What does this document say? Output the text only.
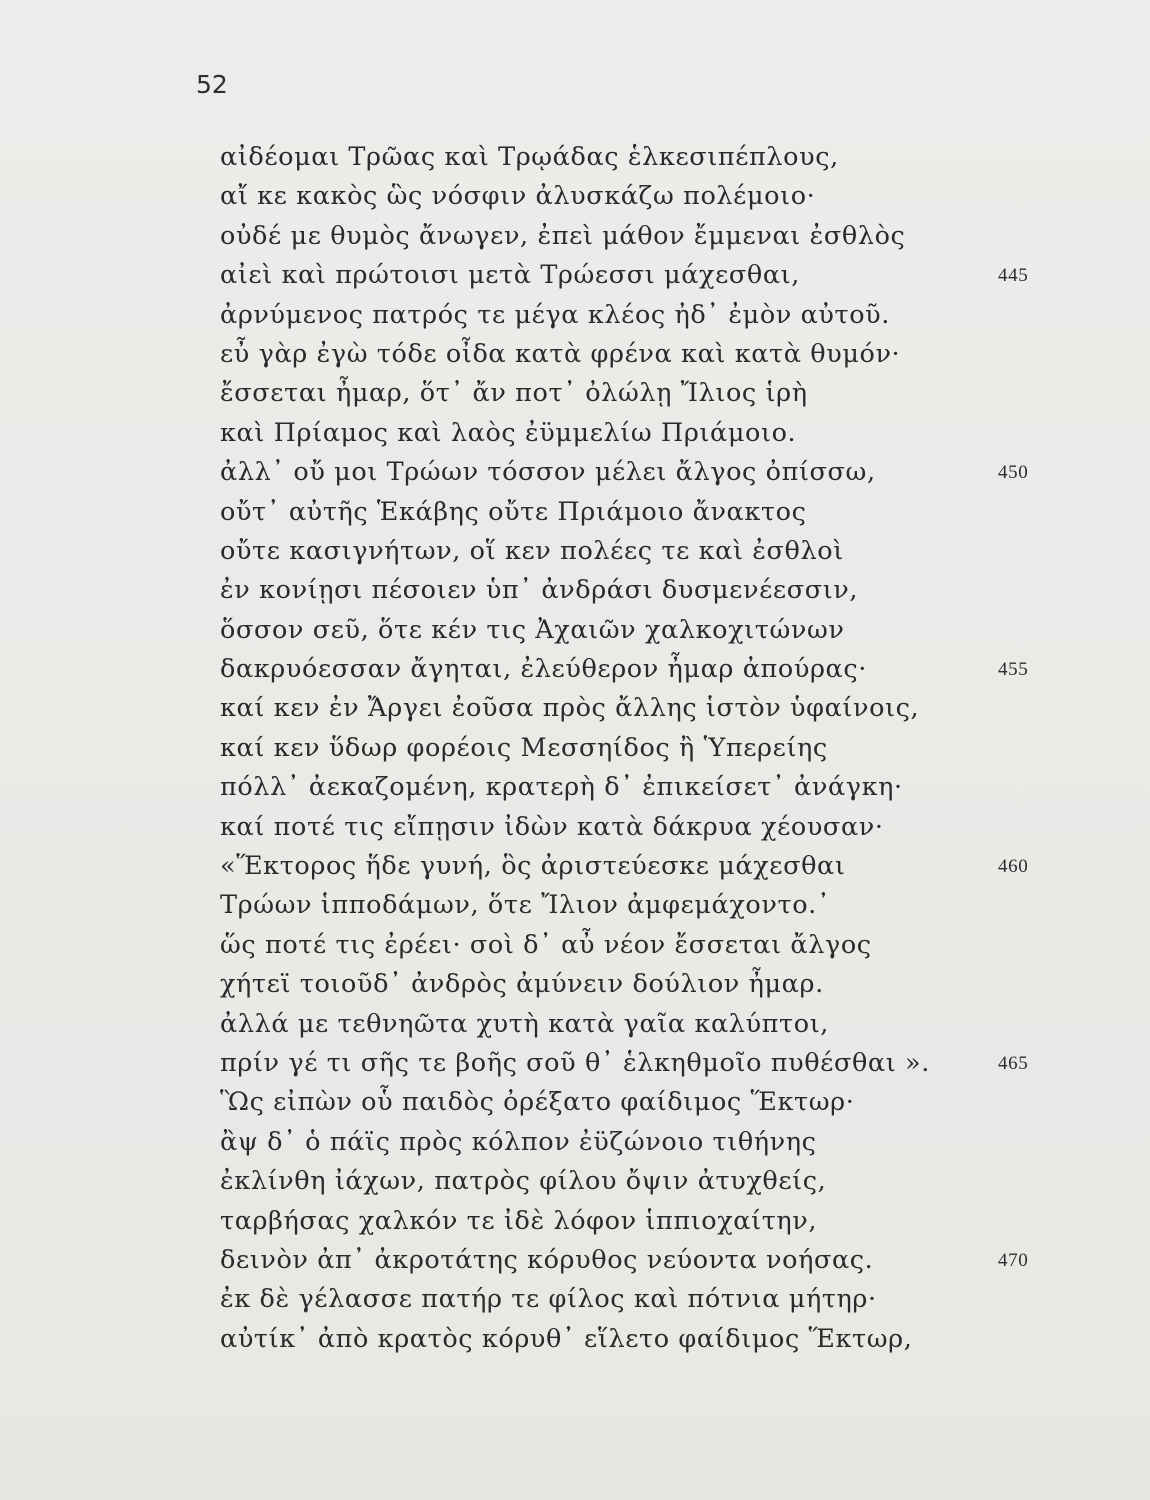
52
αἰδέομαι Τρῶας καὶ Τρῳάδας ἑλκεσιπέπλους,
αἴ κε κακὸς ὣς νόσφιν ἀλυσκάζω πολέμοιο·
οὐδέ με θυμὸς ἄνωγεν, ἐπεὶ μάθον ἔμμεναι ἐσθλὸς
αἰεὶ καὶ πρώτοισι μετὰ Τρώεσσι μάχεσθαι,	445
ἀρνύμενος πατρός τε μέγα κλέος ἠδ᾿ ἐμὸν αὐτοῦ.
εὖ γὰρ ἐγὼ τόδε οἶδα κατὰ φρένα καὶ κατὰ θυμόν·
ἔσσεται ἦμαρ, ὅτ᾿ ἄν ποτ᾿ ὀλώλῃ Ἴλιος ἱρὴ
καὶ Πρίαμος καὶ λαὸς ἐϋμμελίω Πριάμοιο.
ἀλλ᾿ οὔ μοι Τρώων τόσσον μέλει ἄλγος ὀπίσσω,	450
οὔτ᾿ αὐτῆς Ἑκάβης οὔτε Πριάμοιο ἄνακτος
οὔτε κασιγνήτων, οἵ κεν πολέες τε καὶ ἐσθλοὶ
ἐν κονίῃσι πέσοιεν ὑπ᾿ ἀνδράσι δυσμενέεσσιν,
ὅσσον σεῦ, ὅτε κέν τις Ἀχαιῶν χαλκοχιτώνων
δακρυόεσσαν ἄγηται, ἐλεύθερον ἦμαρ ἀπούρας·	455
καί κεν ἐν Ἄργει ἐοῦσα πρὸς ἄλλης ἱστὸν ὑφαίνοις,
καί κεν ὕδωρ φορέοις Μεσσηίδος ἢ Ὑπερείης
πόλλ᾿ ἀεκαζομένη, κρατερὴ δ᾿ ἐπικείσετ᾿ ἀνάγκη·
καί ποτέ τις εἴπῃσιν ἰδὼν κατὰ δάκρυα χέουσαν·
«Ἕκτορος ἥδε γυνή, ὃς ἀριστεύεσκε μάχεσθαι	460
Τρώων ἱπποδάμων, ὅτε Ἴλιον ἀμφεμάχοντο.᾿
ὥς ποτέ τις ἐρέει· σοὶ δ᾿ αὖ νέον ἔσσεται ἄλγος
χήτεϊ τοιοῦδ᾿ ἀνδρὸς ἀμύνειν δούλιον ἦμαρ.
ἀλλά με τεθνηῶτα χυτὴ κατὰ γαῖα καλύπτοι,
πρίν γέ τι σῆς τε βοῆς σοῦ θ᾿ ἑλκηθμοῖο πυθέσθαι ».	465
Ὣς εἰπὼν οὗ παιδὸς ὀρέξατο φαίδιμος Ἕκτωρ·
ἂψ δ᾿ ὁ πάϊς πρὸς κόλπον ἐϋζώνοιο τιθήνης
ἐκλίνθη ἰάχων, πατρὸς φίλου ὄψιν ἀτυχθείς,
ταρβήσας χαλκόν τε ἰδὲ λόφον ἱππιοχαίτην,
δεινὸν ἀπ᾿ ἀκροτάτης κόρυθος νεύοντα νοήσας.	470
ἐκ δὲ γέλασσε πατήρ τε φίλος καὶ πότνια μήτηρ·
αὐτίκ᾿ ἀπὸ κρατὸς κόρυθ᾿ εἵλετο φαίδιμος Ἕκτωρ,
